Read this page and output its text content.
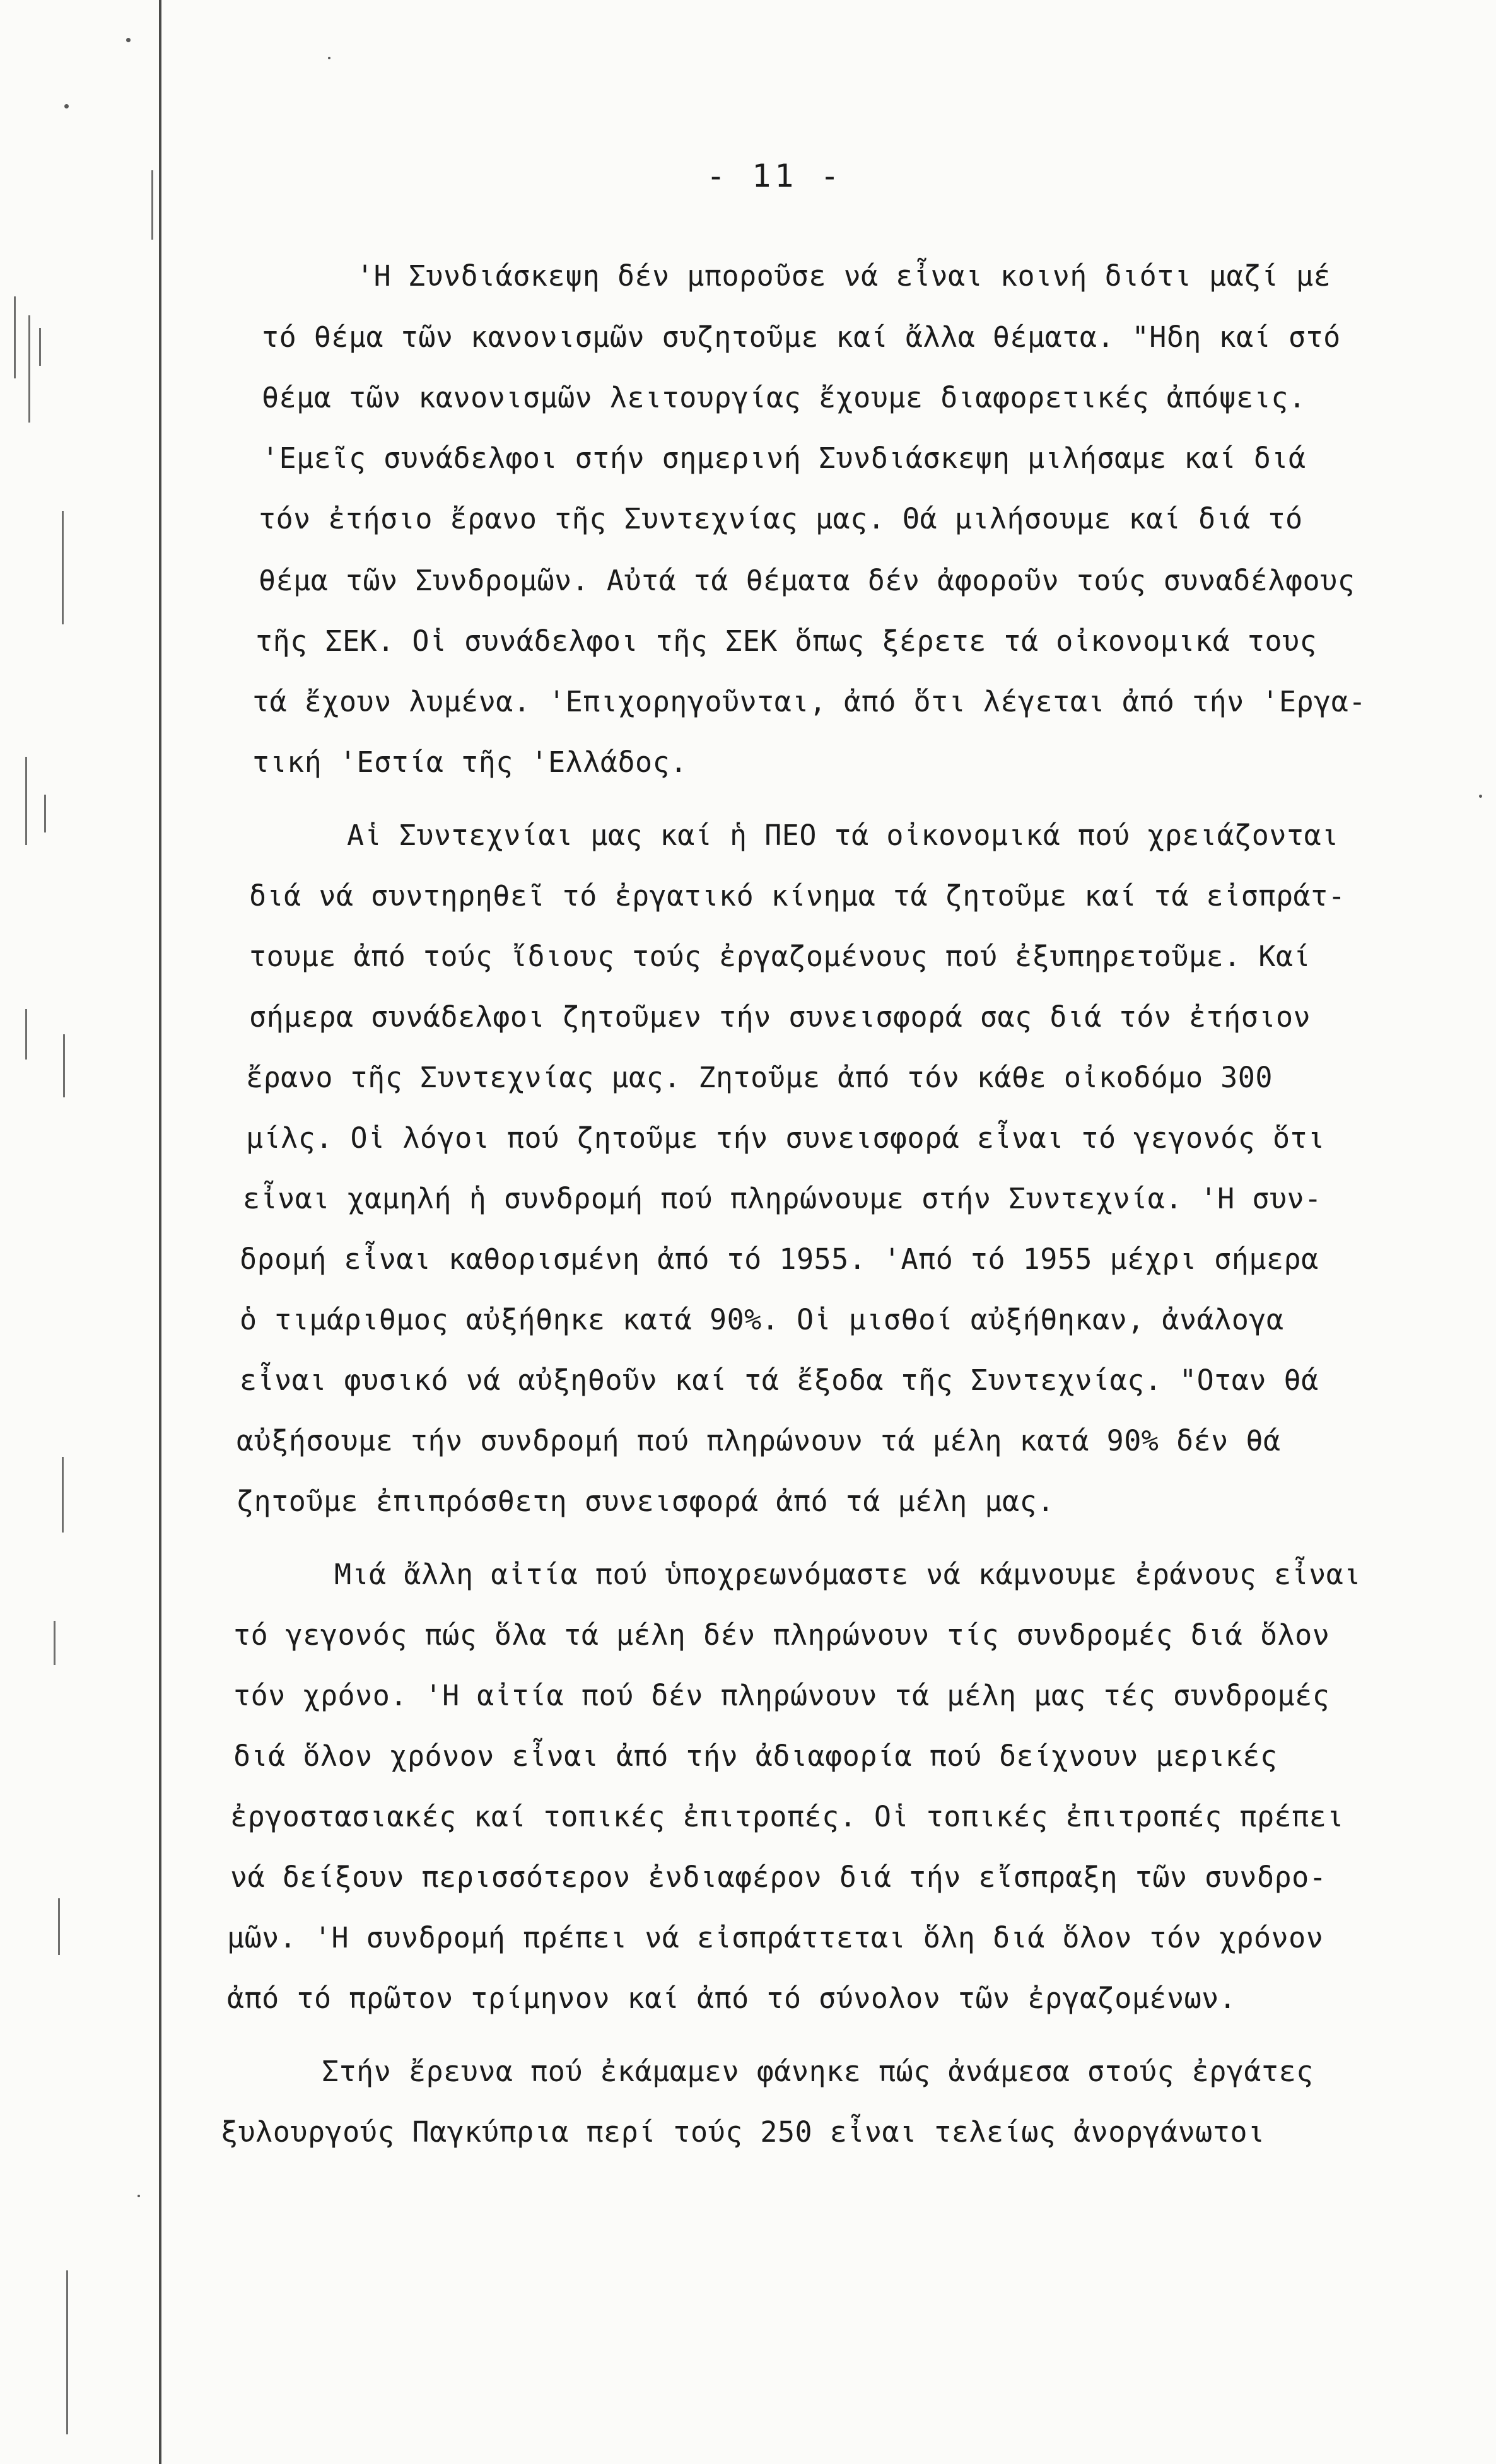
- 11 -
'Η Συνδιάσκεψη δέν μποροῦσε νά εἶναι κοινή διότι μαζί μέ
τό θέμα τῶν κανονισμῶν συζητοῦμε καί ἄλλα θέματα. "Ηδη καί στό
θέμα τῶν κανονισμῶν λειτουργίας ἔχουμε διαφορετικές ἀπόψεις.
'Εμεῖς συνάδελφοι στήν σημερινή Συνδιάσκεψη μιλήσαμε καί διά
τόν ἐτήσιο ἔρανο τῆς Συντεχνίας μας. Θά μιλήσουμε καί διά τό
θέμα τῶν Συνδρομῶν. Αὐτά τά θέματα δέν ἀφοροῦν τούς συναδέλφους
τῆς ΣΕΚ. Οἱ συνάδελφοι τῆς ΣΕΚ ὅπως ξέρετε τά οἰκονομικά τους
τά ἔχουν λυμένα. 'Επιχορηγοῦνται, ἀπό ὅτι λέγεται ἀπό τήν 'Εργα-
τική 'Εστία τῆς 'Ελλάδος.
Αἱ Συντεχνίαι μας καί ἡ ΠΕΟ τά οἰκονομικά πού χρειάζονται
διά νά συντηρηθεῖ τό ἐργατικό κίνημα τά ζητοῦμε καί τά εἰσπράτ-
τουμε ἀπό τούς ἴδιους τούς ἐργαζομένους πού ἐξυπηρετοῦμε. Καί
σήμερα συνάδελφοι ζητοῦμεν τήν συνεισφορά σας διά τόν ἐτήσιον
ἔρανο τῆς Συντεχνίας μας. Ζητοῦμε ἀπό τόν κάθε οἰκοδόμο 300
μίλς. Οἱ λόγοι πού ζητοῦμε τήν συνεισφορά εἶναι τό γεγονός ὅτι
εἶναι χαμηλή ἡ συνδρομή πού πληρώνουμε στήν Συντεχνία. 'Η συν-
δρομή εἶναι καθορισμένη ἀπό τό 1955. 'Από τό 1955 μέχρι σήμερα
ὁ τιμάριθμος αὐξήθηκε κατά 90%. Οἱ μισθοί αὐξήθηκαν, ἀνάλογα
εἶναι φυσικό νά αὐξηθοῦν καί τά ἔξοδα τῆς Συντεχνίας. "Οταν θά
αὐξήσουμε τήν συνδρομή πού πληρώνουν τά μέλη κατά 90% δέν θά
ζητοῦμε ἐπιπρόσθετη συνεισφορά ἀπό τά μέλη μας.
Μιά ἄλλη αἰτία πού ὑποχρεωνόμαστε νά κάμνουμε ἐράνους εἶναι
τό γεγονός πώς ὅλα τά μέλη δέν πληρώνουν τίς συνδρομές διά ὅλον
τόν χρόνο. 'Η αἰτία πού δέν πληρώνουν τά μέλη μας τές συνδρομές
διά ὅλον χρόνον εἶναι ἀπό τήν ἀδιαφορία πού δείχνουν μερικές
ἐργοστασιακές καί τοπικές ἐπιτροπές. Οἱ τοπικές ἐπιτροπές πρέπει
νά δείξουν περισσότερον ἐνδιαφέρον διά τήν εἴσπραξη τῶν συνδρο-
μῶν. 'Η συνδρομή πρέπει νά εἰσπράττεται ὅλη διά ὅλον τόν χρόνον
ἀπό τό πρῶτον τρίμηνον καί ἀπό τό σύνολον τῶν ἐργαζομένων.
Στήν ἔρευνα πού ἐκάμαμεν φάνηκε πώς ἀνάμεσα στούς ἐργάτες
ξυλουργούς Παγκύπρια περί τούς 250 εἶναι τελείως ἀνοργάνωτοι
